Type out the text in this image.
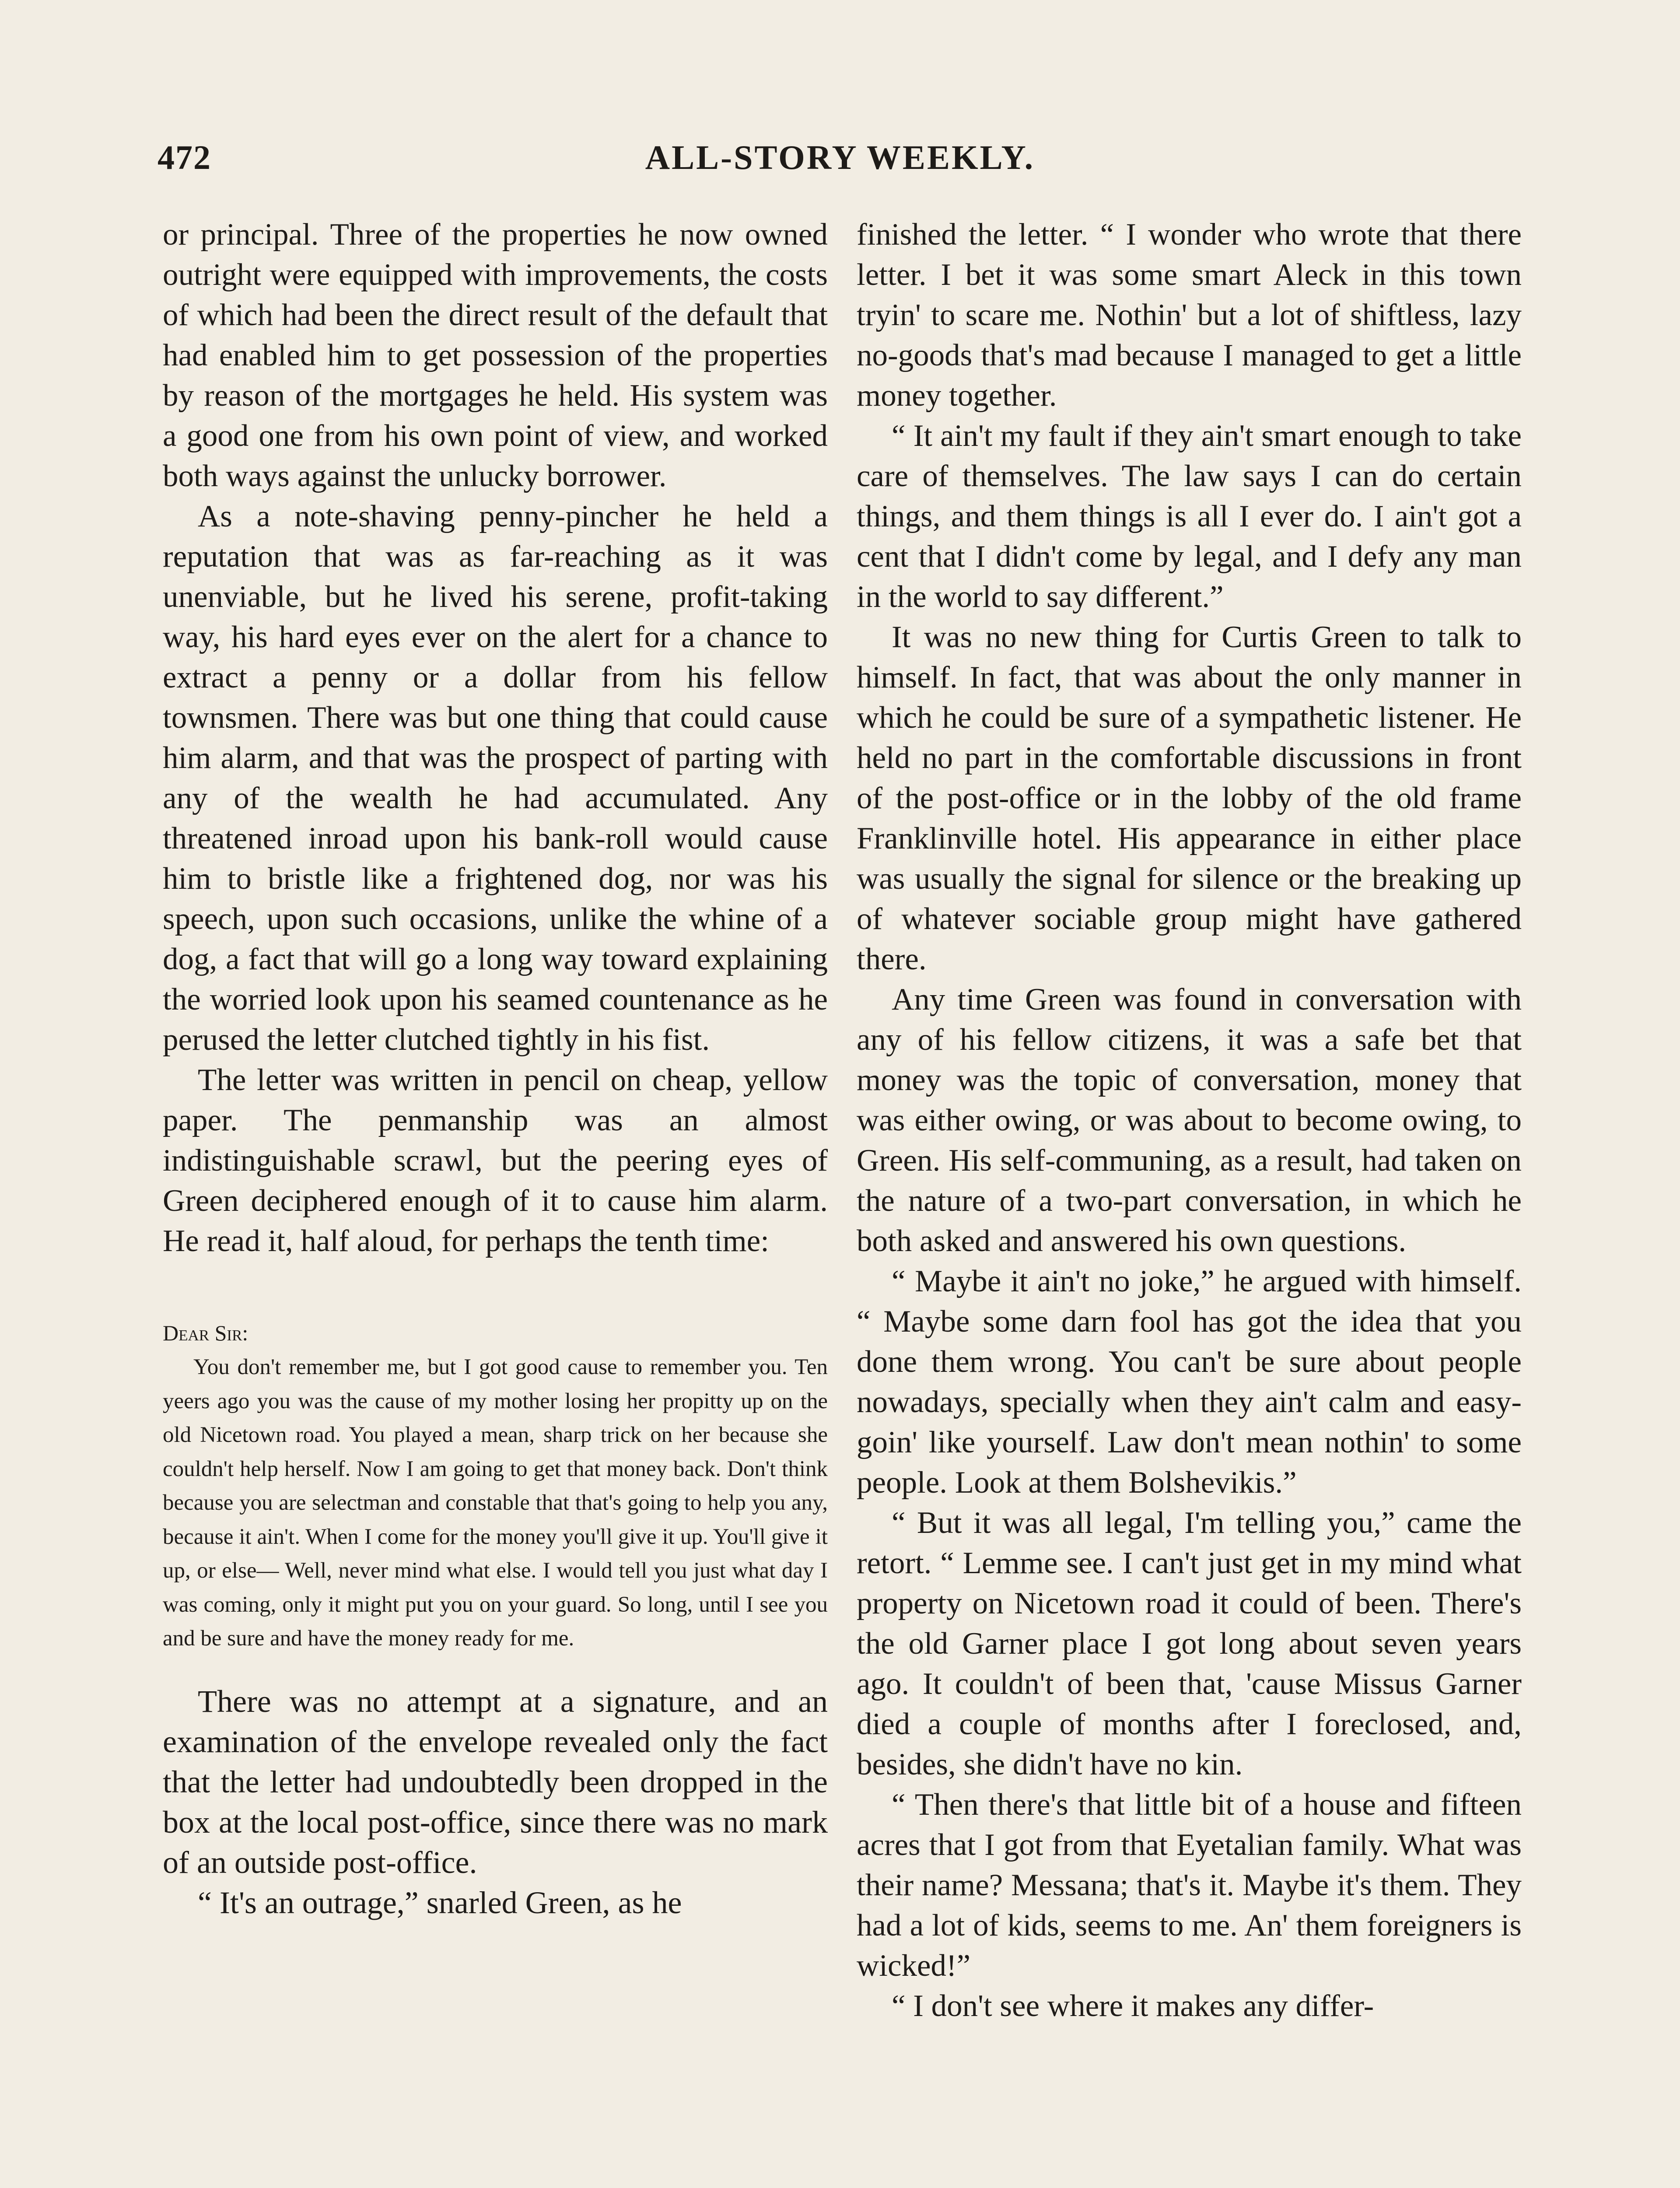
472	ALL-STORY WEEKLY.

or principal. Three of the properties he now owned outright were equipped with improvements, the costs of which had been the direct result of the default that had enabled him to get possession of the properties by reason of the mortgages he held. His system was a good one from his own point of view, and worked both ways against the unlucky borrower.

As a note-shaving penny-pincher he held a reputation that was as far-reaching as it was unenviable, but he lived his serene, profit-taking way, his hard eyes ever on the alert for a chance to extract a penny or a dollar from his fellow townsmen. There was but one thing that could cause him alarm, and that was the prospect of parting with any of the wealth he had accumulated. Any threatened inroad upon his bank-roll would cause him to bristle like a frightened dog, nor was his speech, upon such occasions, unlike the whine of a dog, a fact that will go a long way toward explaining the worried look upon his seamed countenance as he perused the letter clutched tightly in his fist.

The letter was written in pencil on cheap, yellow paper. The penmanship was an almost indistinguishable scrawl, but the peering eyes of Green deciphered enough of it to cause him alarm. He read it, half aloud, for perhaps the tenth time:

Dear Sir:

You don't remember me, but I got good cause to remember you. Ten yeers ago you was the cause of my mother losing her propitty up on the old Nicetown road. You played a mean, sharp trick on her because she couldn't help herself. Now I am going to get that money back. Don't think because you are selectman and constable that that's going to help you any, because it ain't. When I come for the money you'll give it up. You'll give it up, or else— Well, never mind what else. I would tell you just what day I was coming, only it might put you on your guard. So long, until I see you and be sure and have the money ready for me.

There was no attempt at a signature, and an examination of the envelope revealed only the fact that the letter had undoubtedly been dropped in the box at the local post-office, since there was no mark of an outside post-office.

“ It's an outrage,” snarled Green, as he

finished the letter. “ I wonder who wrote that there letter. I bet it was some smart Aleck in this town tryin' to scare me. Nothin' but a lot of shiftless, lazy no-goods that's mad because I managed to get a little money together.

“ It ain't my fault if they ain't smart enough to take care of themselves. The law says I can do certain things, and them things is all I ever do. I ain't got a cent that I didn't come by legal, and I defy any man in the world to say different.”

It was no new thing for Curtis Green to talk to himself. In fact, that was about the only manner in which he could be sure of a sympathetic listener. He held no part in the comfortable discussions in front of the post-office or in the lobby of the old frame Franklinville hotel. His appearance in either place was usually the signal for silence or the breaking up of whatever sociable group might have gathered there.

Any time Green was found in conversation with any of his fellow citizens, it was a safe bet that money was the topic of conversation, money that was either owing, or was about to become owing, to Green. His self-communing, as a result, had taken on the nature of a two-part conversation, in which he both asked and answered his own questions.

“ Maybe it ain't no joke,” he argued with himself. “ Maybe some darn fool has got the idea that you done them wrong. You can't be sure about people nowadays, specially when they ain't calm and easy-goin' like yourself. Law don't mean nothin' to some people. Look at them Bolshevikis.”

“ But it was all legal, I'm telling you,” came the retort. “ Lemme see. I can't just get in my mind what property on Nicetown road it could of been. There's the old Garner place I got long about seven years ago. It couldn't of been that, 'cause Missus Garner died a couple of months after I foreclosed, and, besides, she didn't have no kin.

“ Then there's that little bit of a house and fifteen acres that I got from that Eyetalian family. What was their name? Messana; that's it. Maybe it's them. They had a lot of kids, seems to me. An' them foreigners is wicked!”

“ I don't see where it makes any differ-
